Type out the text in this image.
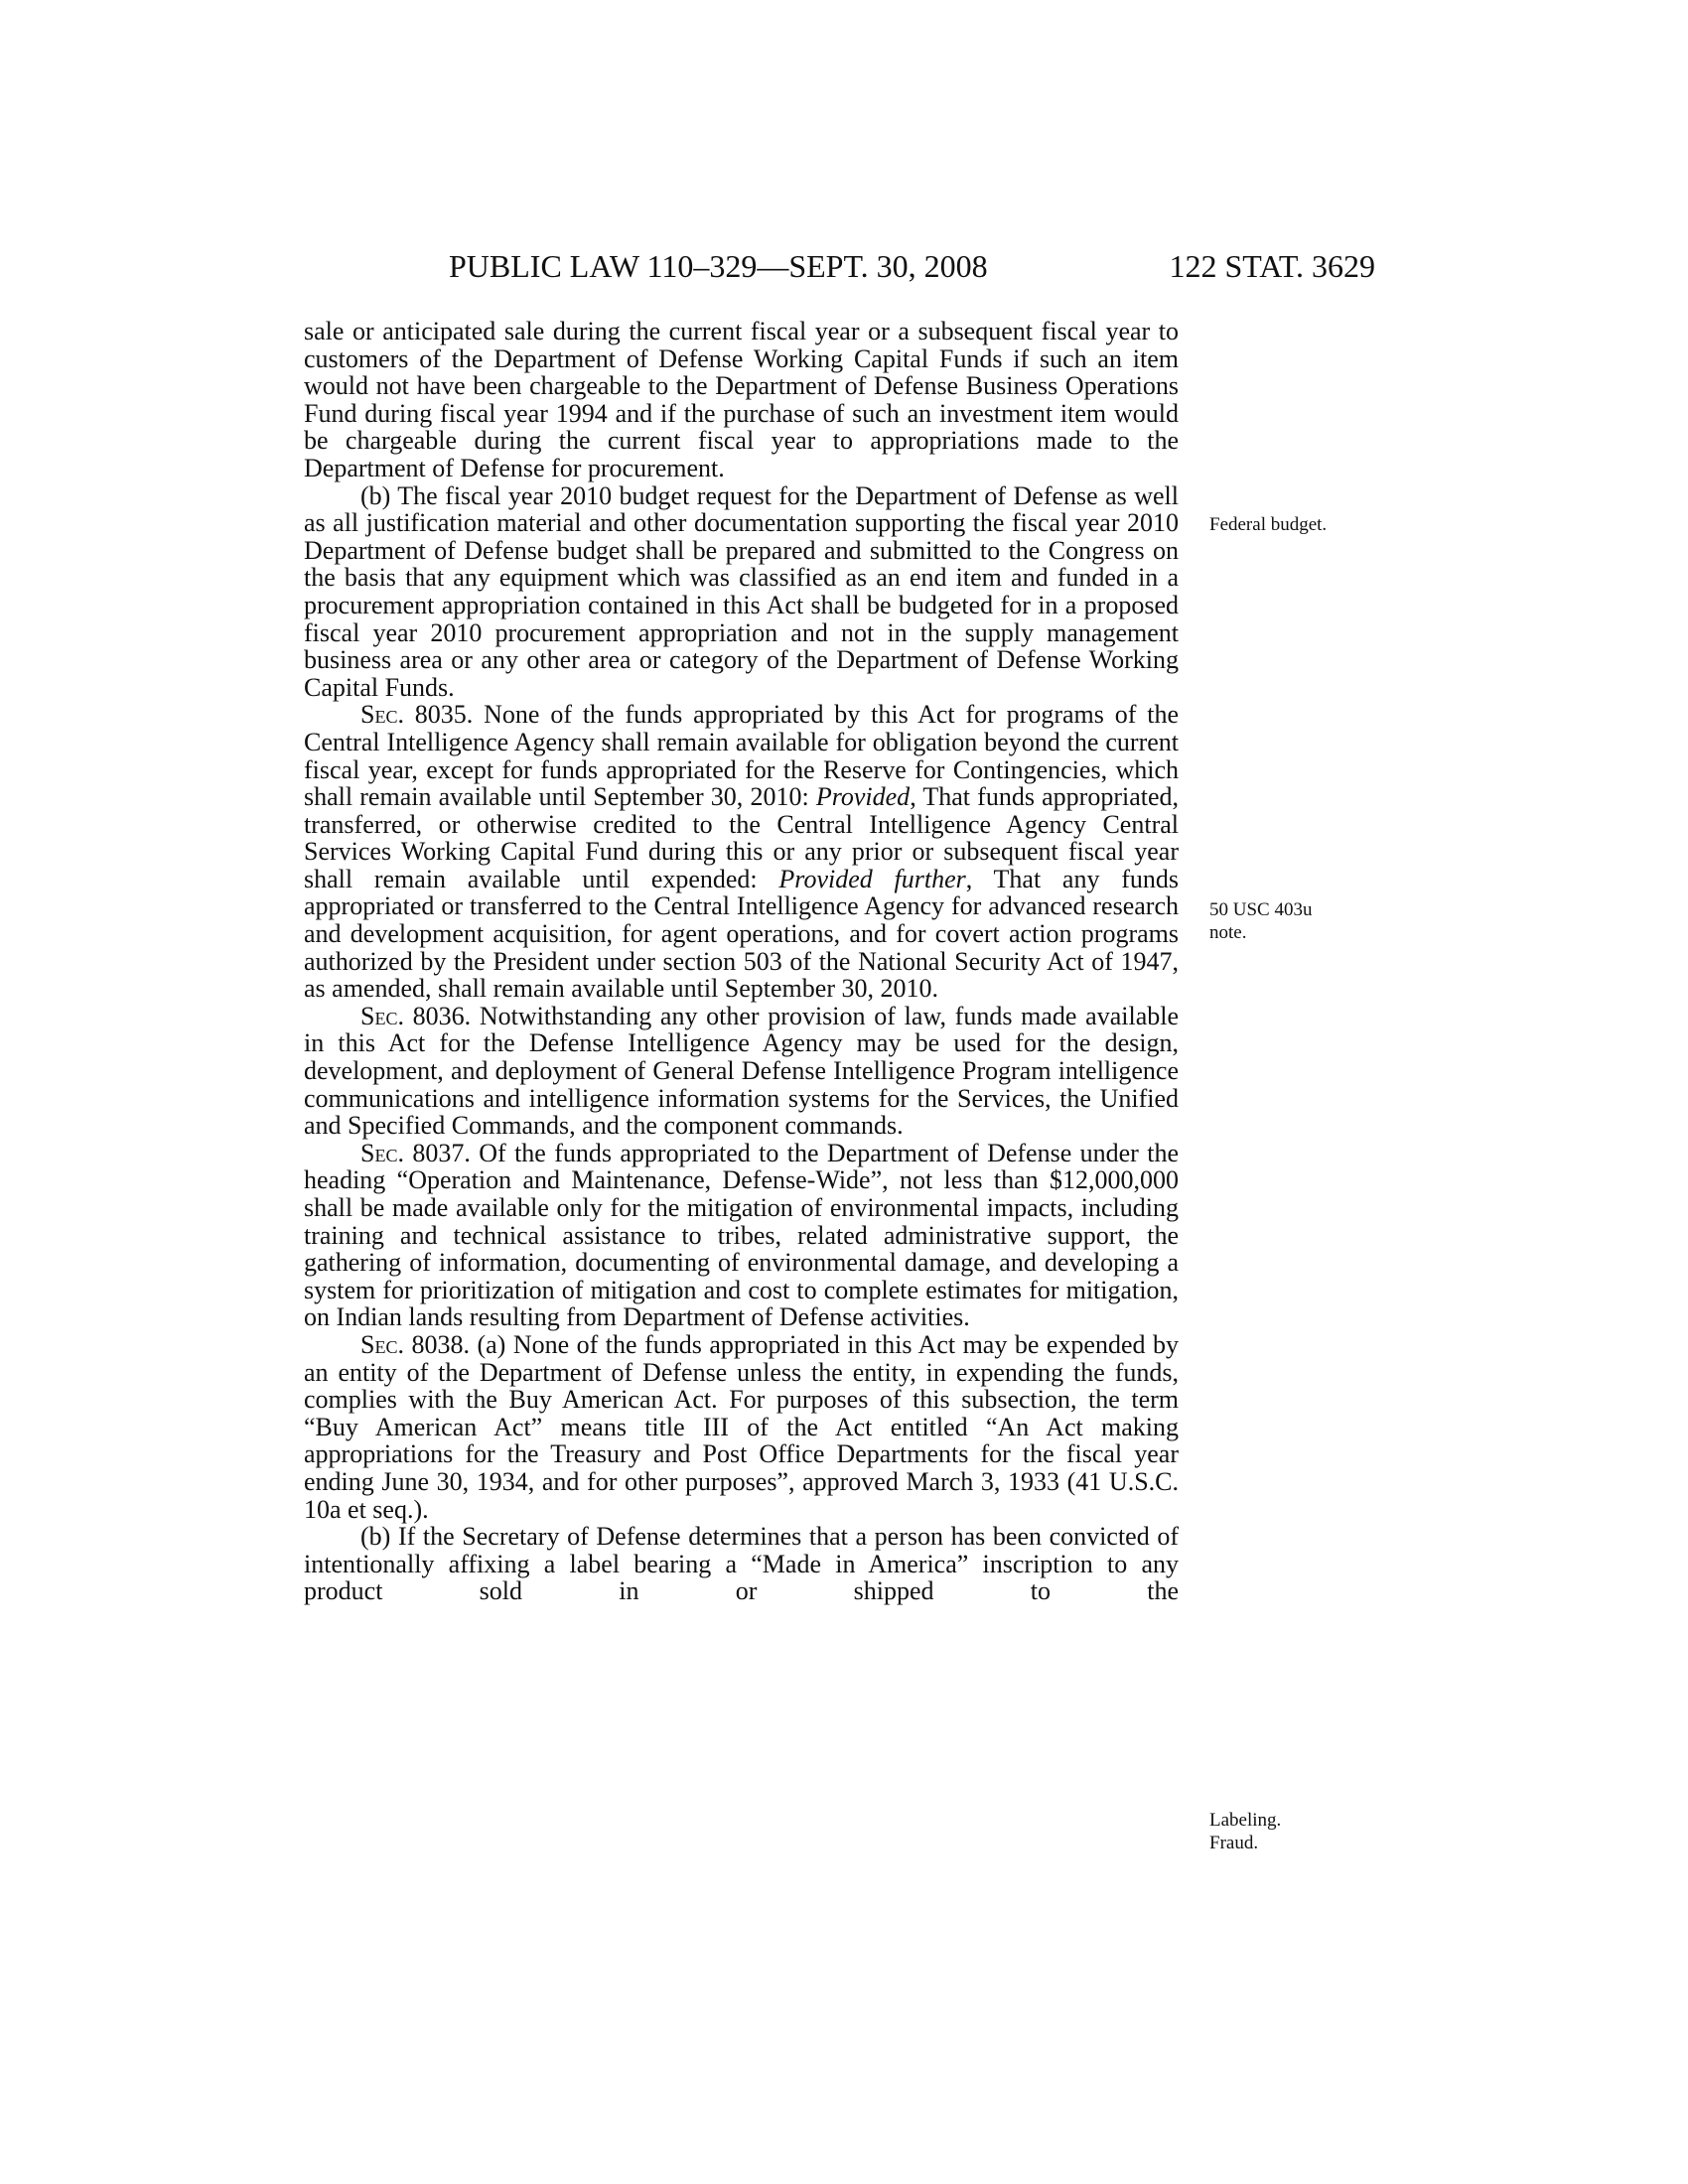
PUBLIC LAW 110–329—SEPT. 30, 2008	122 STAT. 3629

sale or anticipated sale during the current fiscal year or a subsequent fiscal year to customers of the Department of Defense Working Capital Funds if such an item would not have been chargeable to the Department of Defense Business Operations Fund during fiscal year 1994 and if the purchase of such an investment item would be chargeable during the current fiscal year to appropriations made to the Department of Defense for procurement.

(b) The fiscal year 2010 budget request for the Department of Defense as well as all justification material and other documentation supporting the fiscal year 2010 Department of Defense budget shall be prepared and submitted to the Congress on the basis that any equipment which was classified as an end item and funded in a procurement appropriation contained in this Act shall be budgeted for in a proposed fiscal year 2010 procurement appropriation and not in the supply management business area or any other area or category of the Department of Defense Working Capital Funds.

Sec. 8035. None of the funds appropriated by this Act for programs of the Central Intelligence Agency shall remain available for obligation beyond the current fiscal year, except for funds appropriated for the Reserve for Contingencies, which shall remain available until September 30, 2010: Provided, That funds appropriated, transferred, or otherwise credited to the Central Intelligence Agency Central Services Working Capital Fund during this or any prior or subsequent fiscal year shall remain available until expended: Provided further, That any funds appropriated or transferred to the Central Intelligence Agency for advanced research and development acquisition, for agent operations, and for covert action programs authorized by the President under section 503 of the National Security Act of 1947, as amended, shall remain available until September 30, 2010.

Sec. 8036. Notwithstanding any other provision of law, funds made available in this Act for the Defense Intelligence Agency may be used for the design, development, and deployment of General Defense Intelligence Program intelligence communications and intelligence information systems for the Services, the Unified and Specified Commands, and the component commands.

Sec. 8037. Of the funds appropriated to the Department of Defense under the heading “Operation and Maintenance, Defense-Wide”, not less than $12,000,000 shall be made available only for the mitigation of environmental impacts, including training and technical assistance to tribes, related administrative support, the gathering of information, documenting of environmental damage, and developing a system for prioritization of mitigation and cost to complete estimates for mitigation, on Indian lands resulting from Department of Defense activities.

Sec. 8038. (a) None of the funds appropriated in this Act may be expended by an entity of the Department of Defense unless the entity, in expending the funds, complies with the Buy American Act. For purposes of this subsection, the term “Buy American Act” means title III of the Act entitled “An Act making appropriations for the Treasury and Post Office Departments for the fiscal year ending June 30, 1934, and for other purposes”, approved March 3, 1933 (41 U.S.C. 10a et seq.).

(b) If the Secretary of Defense determines that a person has been convicted of intentionally affixing a label bearing a “Made in America” inscription to any product sold in or shipped to the

Federal budget.
50 USC 403u
note.
Labeling.
Fraud.
